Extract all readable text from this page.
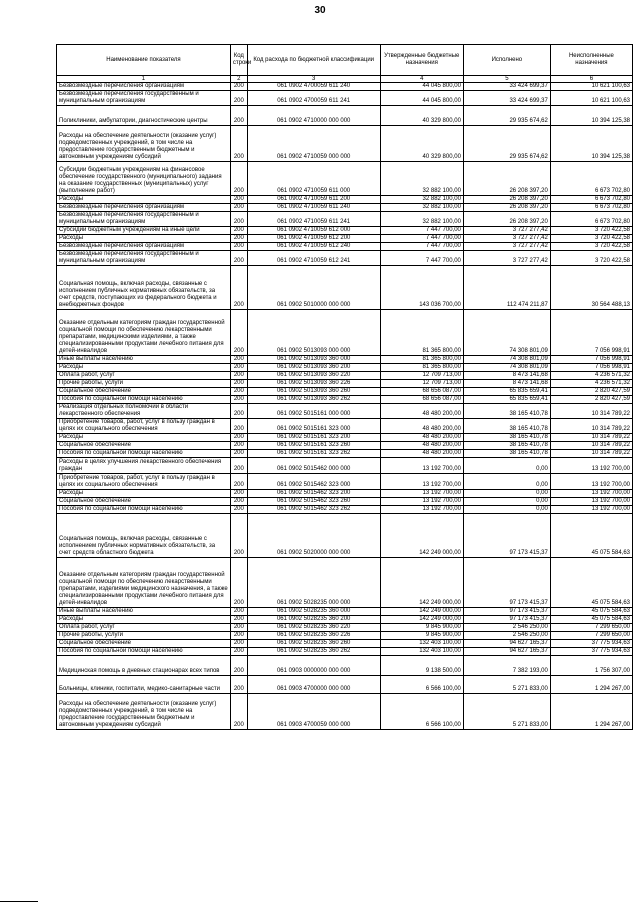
30
Наименование показателя	Код строки	Код расхода по бюджетной классификации	Утвержденные бюджетные назначения	Исполнено	Неисполненные назначения
1	2	3	4	5	6
Безвозмездные перечисления организациям	200	061 0902 4700059 611 240	44 045 800,00	33 424 699,37	10 621 100,63
Безвозмездные перечисления государственным и муниципальным организациям	200	061 0902 4700059 611 241	44 045 800,00	33 424 699,37	10 621 100,63
Поликлиники, амбулатории, диагностические центры	200	061 0902 4710000 000 000	40 329 800,00	29 935 674,62	10 394 125,38
Расходы на обеспечение деятельности (оказание услуг) подведомственных учреждений, в том числе на предоставление государственным бюджетным и автономным учреждениям субсидий	200	061 0902 4710059 000 000	40 329 800,00	29 935 674,62	10 394 125,38
Субсидии бюджетным учреждениям на финансовое обеспечение государственного (муниципального) задания на оказание государственных (муниципальных) услуг (выполнение работ)	200	061 0902 4710059 611 000	32 882 100,00	26 208 397,20	6 673 702,80
Расходы	200	061 0902 4710059 611 200	32 882 100,00	26 208 397,20	6 673 702,80
Безвозмездные перечисления организациям	200	061 0902 4710059 611 240	32 882 100,00	26 208 397,20	6 673 702,80
Безвозмездные перечисления государственным и муниципальным организациям	200	061 0902 4710059 611 241	32 882 100,00	26 208 397,20	6 673 702,80
Субсидии бюджетным учреждениям на иные цели	200	061 0902 4710059 612 000	7 447 700,00	3 727 277,42	3 720 422,58
Расходы	200	061 0902 4710059 612 200	7 447 700,00	3 727 277,42	3 720 422,58
Безвозмездные перечисления организациям	200	061 0902 4710059 612 240	7 447 700,00	3 727 277,42	3 720 422,58
Безвозмездные перечисления государственным и муниципальным организациям	200	061 0902 4710059 612 241	7 447 700,00	3 727 277,42	3 720 422,58
Социальная помощь, включая расходы, связанные с исполнением публичных нормативных обязательств, за счет средств, поступающих из федерального бюджета и внебюджетных фондов	200	061 0902 5010000 000 000	143 036 700,00	112 474 211,87	30 564 488,13
Оказание отдельным категориям граждан государственной социальной помощи по обеспечению лекарственными препаратами, медицинскими изделиями, а также специализированными продуктами лечебного питания для детей-инвалидов	200	061 0902 5013093 000 000	81 365 800,00	74 308 801,09	7 056 998,91
Иные выплаты населению	200	061 0902 5013093 360 000	81 365 800,00	74 308 801,09	7 056 998,91
Расходы	200	061 0902 5013093 360 200	81 365 800,00	74 308 801,09	7 056 998,91
Оплата работ, услуг	200	061 0902 5013093 360 220	12 709 713,00	8 473 141,68	4 236 571,32
Прочие работы, услуги	200	061 0902 5013093 360 226	12 709 713,00	8 473 141,68	4 236 571,32
Социальное обеспечение	200	061 0902 5013093 360 260	68 656 087,00	65 835 659,41	2 820 427,59
Пособия по социальной помощи населению	200	061 0902 5013093 360 262	68 656 087,00	65 835 659,41	2 820 427,59
Реализация отдельных полномочий в области лекарственного обеспечения	200	061 0902 5015161 000 000	48 480 200,00	38 165 410,78	10 314 789,22
Приобретение товаров, работ, услуг в пользу граждан в целях их социального обеспечения	200	061 0902 5015161 323 000	48 480 200,00	38 165 410,78	10 314 789,22
Расходы	200	061 0902 5015161 323 200	48 480 200,00	38 165 410,78	10 314 789,22
Социальное обеспечение	200	061 0902 5015161 323 260	48 480 200,00	38 165 410,78	10 314 789,22
Пособия по социальной помощи населению	200	061 0902 5015161 323 262	48 480 200,00	38 165 410,78	10 314 789,22
Расходы в целях улучшения лекарственного обеспечения граждан	200	061 0902 5015462 000 000	13 192 700,00	0,00	13 192 700,00
Приобретение товаров, работ, услуг в пользу граждан в целях их социального обеспечения	200	061 0902 5015462 323 000	13 192 700,00	0,00	13 192 700,00
Расходы	200	061 0902 5015462 323 200	13 192 700,00	0,00	13 192 700,00
Социальное обеспечение	200	061 0902 5015462 323 260	13 192 700,00	0,00	13 192 700,00
Пособия по социальной помощи населению	200	061 0902 5015462 323 262	13 192 700,00	0,00	13 192 700,00
Социальная помощь, включая расходы, связанные с исполнением публичных нормативных обязательств, за счет средств областного бюджета	200	061 0902 5020000 000 000	142 249 000,00	97 173 415,37	45 075 584,63
Оказание отдельным категориям граждан государственной социальной помощи по обеспечению лекарственными препаратами, изделиями медицинского назначения, а также специализированными продуктами лечебного питания для детей-инвалидов	200	061 0902 5028235 000 000	142 249 000,00	97 173 415,37	45 075 584,63
Иные выплаты населению	200	061 0902 5028235 360 000	142 249 000,00	97 173 415,37	45 075 584,63
Расходы	200	061 0902 5028235 360 200	142 249 000,00	97 173 415,37	45 075 584,63
Оплата работ, услуг	200	061 0902 5028235 360 220	9 845 900,00	2 546 250,00	7 299 650,00
Прочие работы, услуги	200	061 0902 5028235 360 226	9 845 900,00	2 546 250,00	7 299 650,00
Социальное обеспечение	200	061 0902 5028235 360 260	132 403 100,00	94 627 165,37	37 775 934,63
Пособия по социальной помощи населению	200	061 0902 5028235 360 262	132 403 100,00	94 627 165,37	37 775 934,63
Медицинская помощь в дневных стационарах всех типов	200	061 0903 0000000 000 000	9 138 500,00	7 382 193,00	1 756 307,00
Больницы, клиники, госпитали, медико-санитарные части	200	061 0903 4700000 000 000	6 566 100,00	5 271 833,00	1 294 267,00
Расходы на обеспечение деятельности (оказание услуг) подведомственных учреждений, в том числе на предоставление государственным бюджетным и автономным учреждениям субсидий	200	061 0903 4700059 000 000	6 566 100,00	5 271 833,00	1 294 267,00
